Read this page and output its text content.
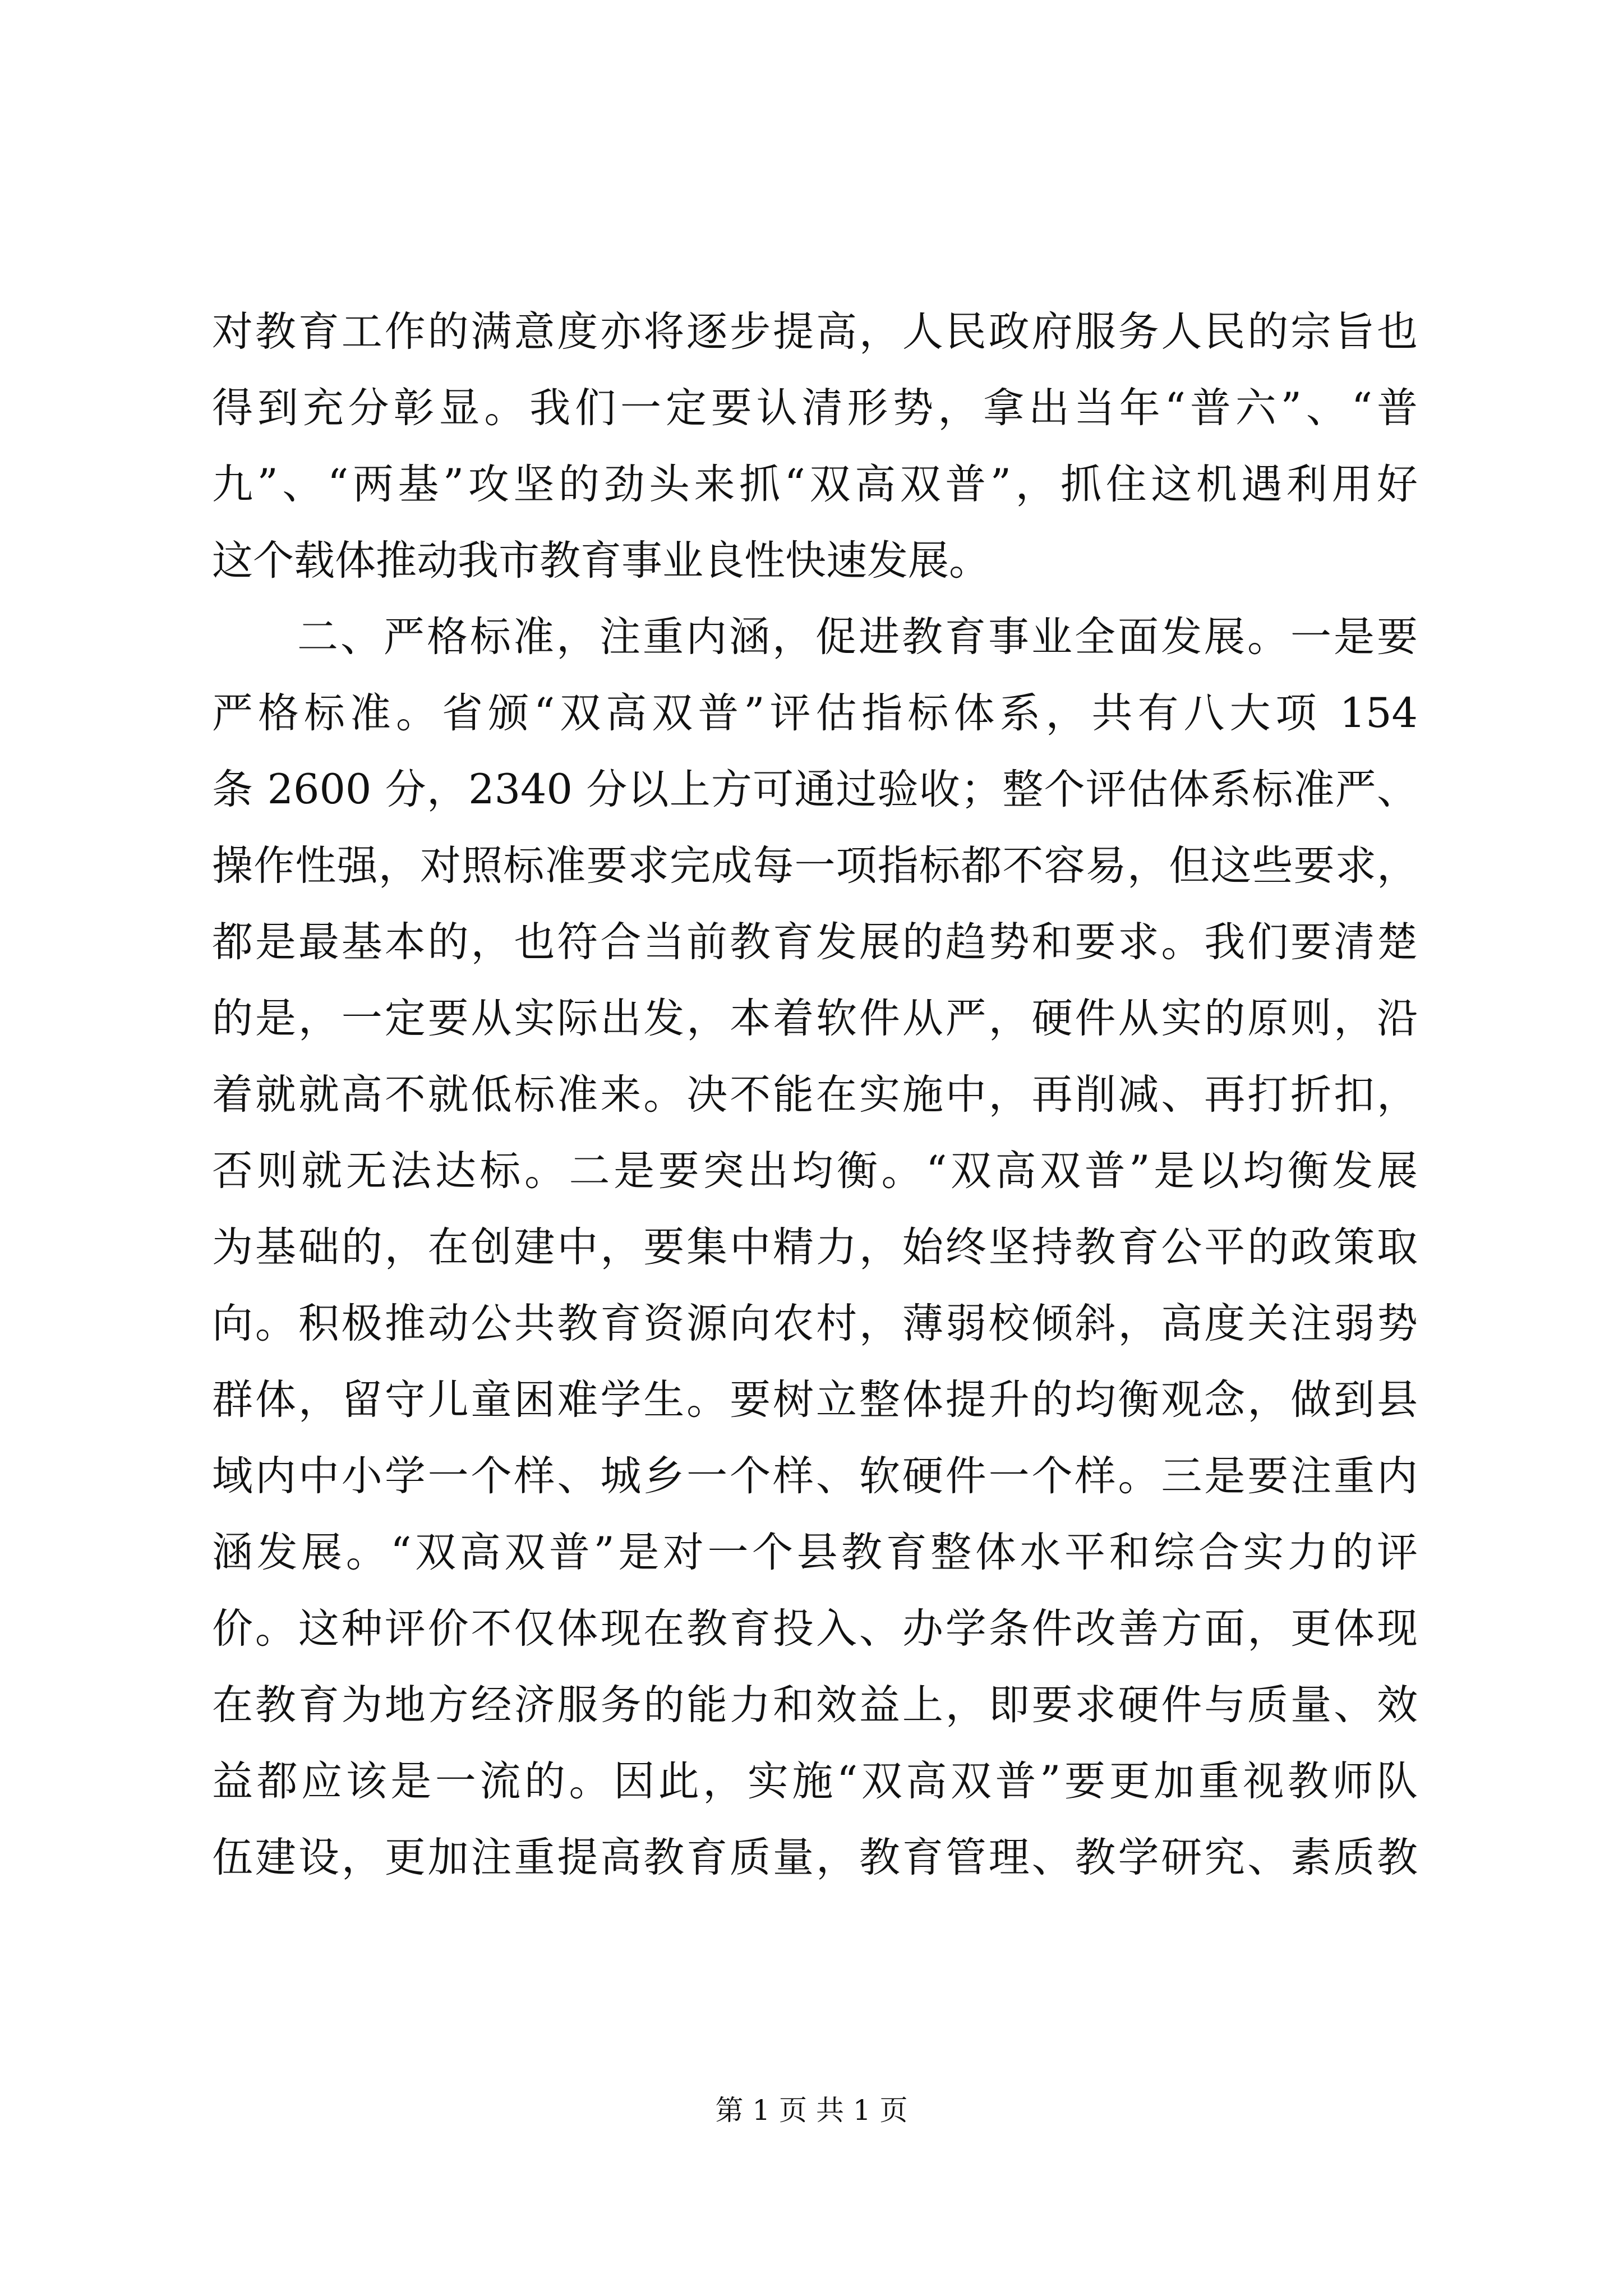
对教育工作的满意度亦将逐步提高，人民政府服务人民的宗旨也
得到充分彰显。我们一定要认清形势，拿出当年“普六”、“普
九”、“两基”攻坚的劲头来抓“双高双普”，抓住这机遇利用好
这个载体推动我市教育事业良性快速发展。
二、严格标准，注重内涵，促进教育事业全面发展。一是要
严格标准。省颁“双高双普”评估指标体系，共有八大项 154
条 2600 分，2340 分以上方可通过验收；整个评估体系标准严、
操作性强，对照标准要求完成每一项指标都不容易，但这些要求，
都是最基本的，也符合当前教育发展的趋势和要求。我们要清楚
的是，一定要从实际出发，本着软件从严，硬件从实的原则，沿
着就就高不就低标准来。决不能在实施中，再削减、再打折扣，
否则就无法达标。二是要突出均衡。“双高双普”是以均衡发展
为基础的，在创建中，要集中精力，始终坚持教育公平的政策取
向。积极推动公共教育资源向农村，薄弱校倾斜，高度关注弱势
群体，留守儿童困难学生。要树立整体提升的均衡观念，做到县
域内中小学一个样、城乡一个样、软硬件一个样。三是要注重内
涵发展。“双高双普”是对一个县教育整体水平和综合实力的评
价。这种评价不仅体现在教育投入、办学条件改善方面，更体现
在教育为地方经济服务的能力和效益上，即要求硬件与质量、效
益都应该是一流的。因此，实施“双高双普”要更加重视教师队
伍建设，更加注重提高教育质量，教育管理、教学研究、素质教
第 1 页 共 1 页
